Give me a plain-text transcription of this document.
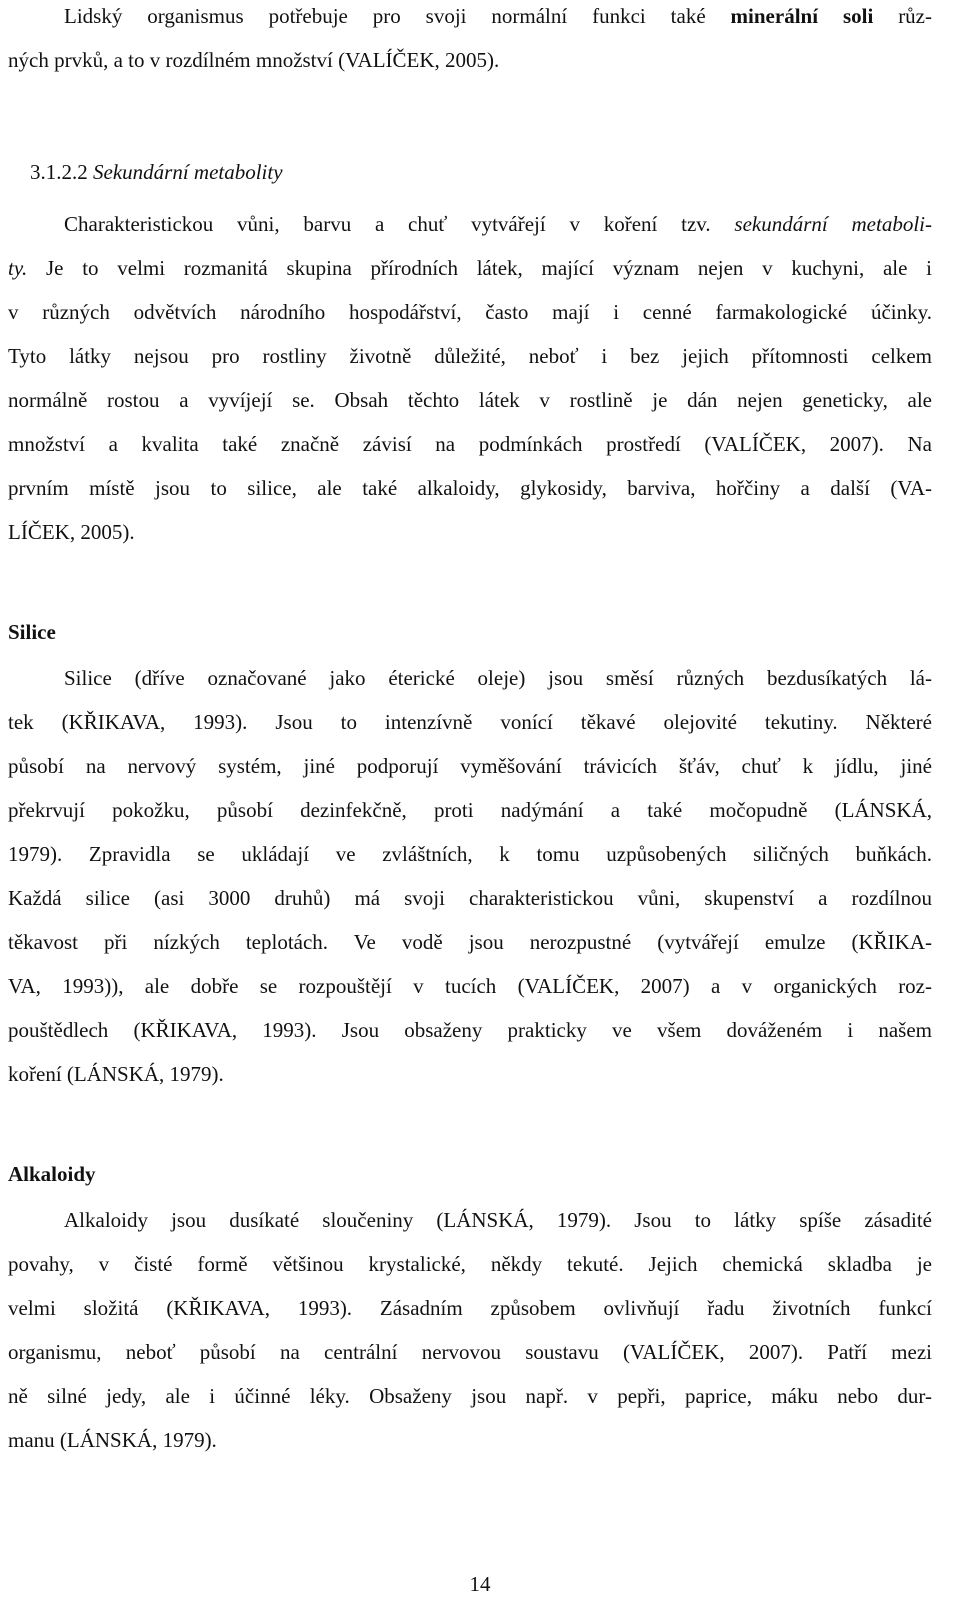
Lidský organismus potřebuje pro svoji normální funkci také minerální soli růz-
ných prvků, a to v rozdílném množství (VALÍČEK, 2005).
3.1.2.2 Sekundární metabolity
Charakteristickou vůni, barvu a chuť vytvářejí v koření tzv. sekundární metaboli-
ty. Je to velmi rozmanitá skupina přírodních látek, mající význam nejen v kuchyni, ale i
v různých odvětvích národního hospodářství, často mají i cenné farmakologické účinky.
Tyto látky nejsou pro rostliny životně důležité, neboť i bez jejich přítomnosti celkem
normálně rostou a vyvíjejí se. Obsah těchto látek v rostlině je dán nejen geneticky, ale
množství a kvalita také značně závisí na podmínkách prostředí (VALÍČEK, 2007). Na
prvním místě jsou to silice, ale také alkaloidy, glykosidy, barviva, hořčiny a další (VA-
LÍČEK, 2005).
Silice
Silice (dříve označované jako éterické oleje) jsou směsí různých bezdusíkatých lá-
tek (KŘIKAVA, 1993). Jsou to intenzívně vonící těkavé olejovité tekutiny. Některé
působí na nervový systém, jiné podporují vyměšování trávicích šťáv, chuť k jídlu, jiné
překrvují pokožku, působí dezinfekčně, proti nadýmání a také močopudně (LÁNSKÁ,
1979). Zpravidla se ukládají ve zvláštních, k tomu uzpůsobených siličných buňkách.
Každá silice (asi 3000 druhů) má svoji charakteristickou vůni, skupenství a rozdílnou
těkavost při nízkých teplotách. Ve vodě jsou nerozpustné (vytvářejí emulze (KŘIKA-
VA, 1993)), ale dobře se rozpouštějí v tucích (VALÍČEK, 2007) a v organických roz-
pouštědlech (KŘIKAVA, 1993). Jsou obsaženy prakticky ve všem dováženém i našem
koření (LÁNSKÁ, 1979).
Alkaloidy
Alkaloidy jsou dusíkaté sloučeniny (LÁNSKÁ, 1979). Jsou to látky spíše zásadité
povahy, v čisté formě většinou krystalické, někdy tekuté. Jejich chemická skladba je
velmi složitá (KŘIKAVA, 1993). Zásadním způsobem ovlivňují řadu životních funkcí
organismu, neboť působí na centrální nervovou soustavu (VALÍČEK, 2007). Patří mezi
ně silné jedy, ale i účinné léky. Obsaženy jsou např. v pepři, paprice, máku nebo dur-
manu (LÁNSKÁ, 1979).
14
